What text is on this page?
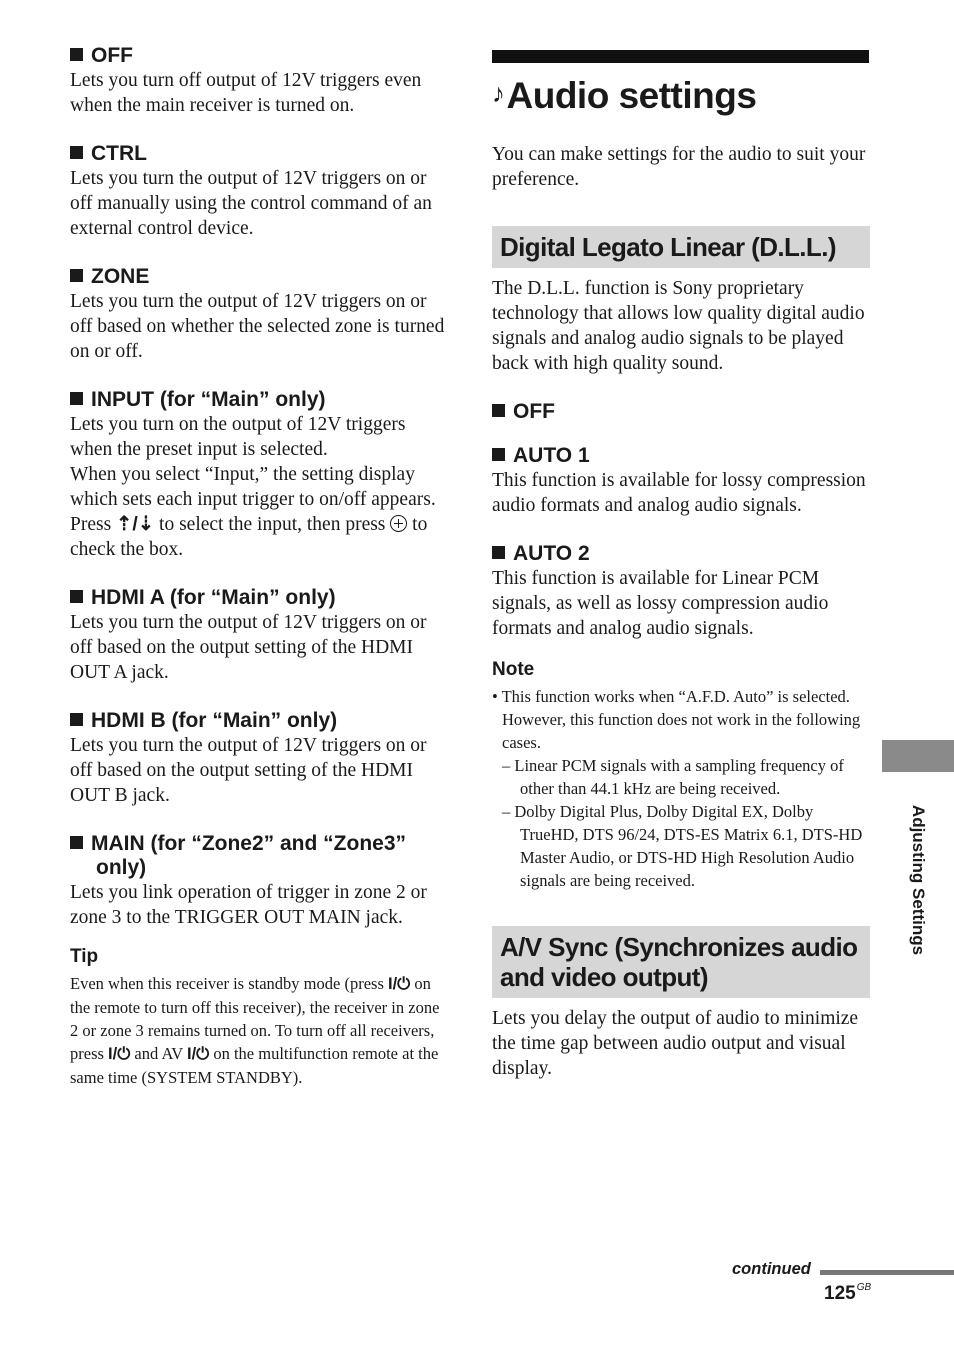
OFF

Lets you turn off output of 12V triggers even when the main receiver is turned on.

CTRL

Lets you turn the output of 12V triggers on or off manually using the control command of an external control device.

ZONE

Lets you turn the output of 12V triggers on or off based on whether the selected zone is turned on or off.

INPUT (for “Main” only)

Lets you turn on the output of 12V triggers when the preset input is selected.

When you select “Input,” the setting display which sets each input trigger to on/off appears.

Press ⇡/⇣ to select the input, then press to check the box.

HDMI A (for “Main” only)

Lets you turn the output of 12V triggers on or off based on the output setting of the HDMI OUT A jack.

HDMI B (for “Main” only)

Lets you turn the output of 12V triggers on or off based on the output setting of the HDMI OUT B jack.

MAIN (for “Zone2” and “Zone3” only)

Lets you link operation of trigger in zone 2 or zone 3 to the TRIGGER OUT MAIN jack.

Tip

Even when this receiver is standby mode (press I/⏻ on the remote to turn off this receiver), the receiver in zone 2 or zone 3 remains turned on. To turn off all receivers, press I/⏻ and AV I/⏻ on the multifunction remote at the same time (SYSTEM STANDBY).

♪Audio settings

You can make settings for the audio to suit your preference.

Digital Legato Linear (D.L.L.)

The D.L.L. function is Sony proprietary technology that allows low quality digital audio signals and analog audio signals to be played back with high quality sound.

OFF

AUTO 1

This function is available for lossy compression audio formats and analog audio signals.

AUTO 2

This function is available for Linear PCM signals, as well as lossy compression audio formats and analog audio signals.

Note

• This function works when “A.F.D. Auto” is selected. However, this function does not work in the following cases.
– Linear PCM signals with a sampling frequency of other than 44.1 kHz are being received.
– Dolby Digital Plus, Dolby Digital EX, Dolby TrueHD, DTS 96/24, DTS-ES Matrix 6.1, DTS-HD Master Audio, or DTS-HD High Resolution Audio signals are being received.
A/V Sync (Synchronizes audio and video output)

Lets you delay the output of audio to minimize the time gap between audio output and visual display.

Adjusting Settings
continued
$125^{GB}$
